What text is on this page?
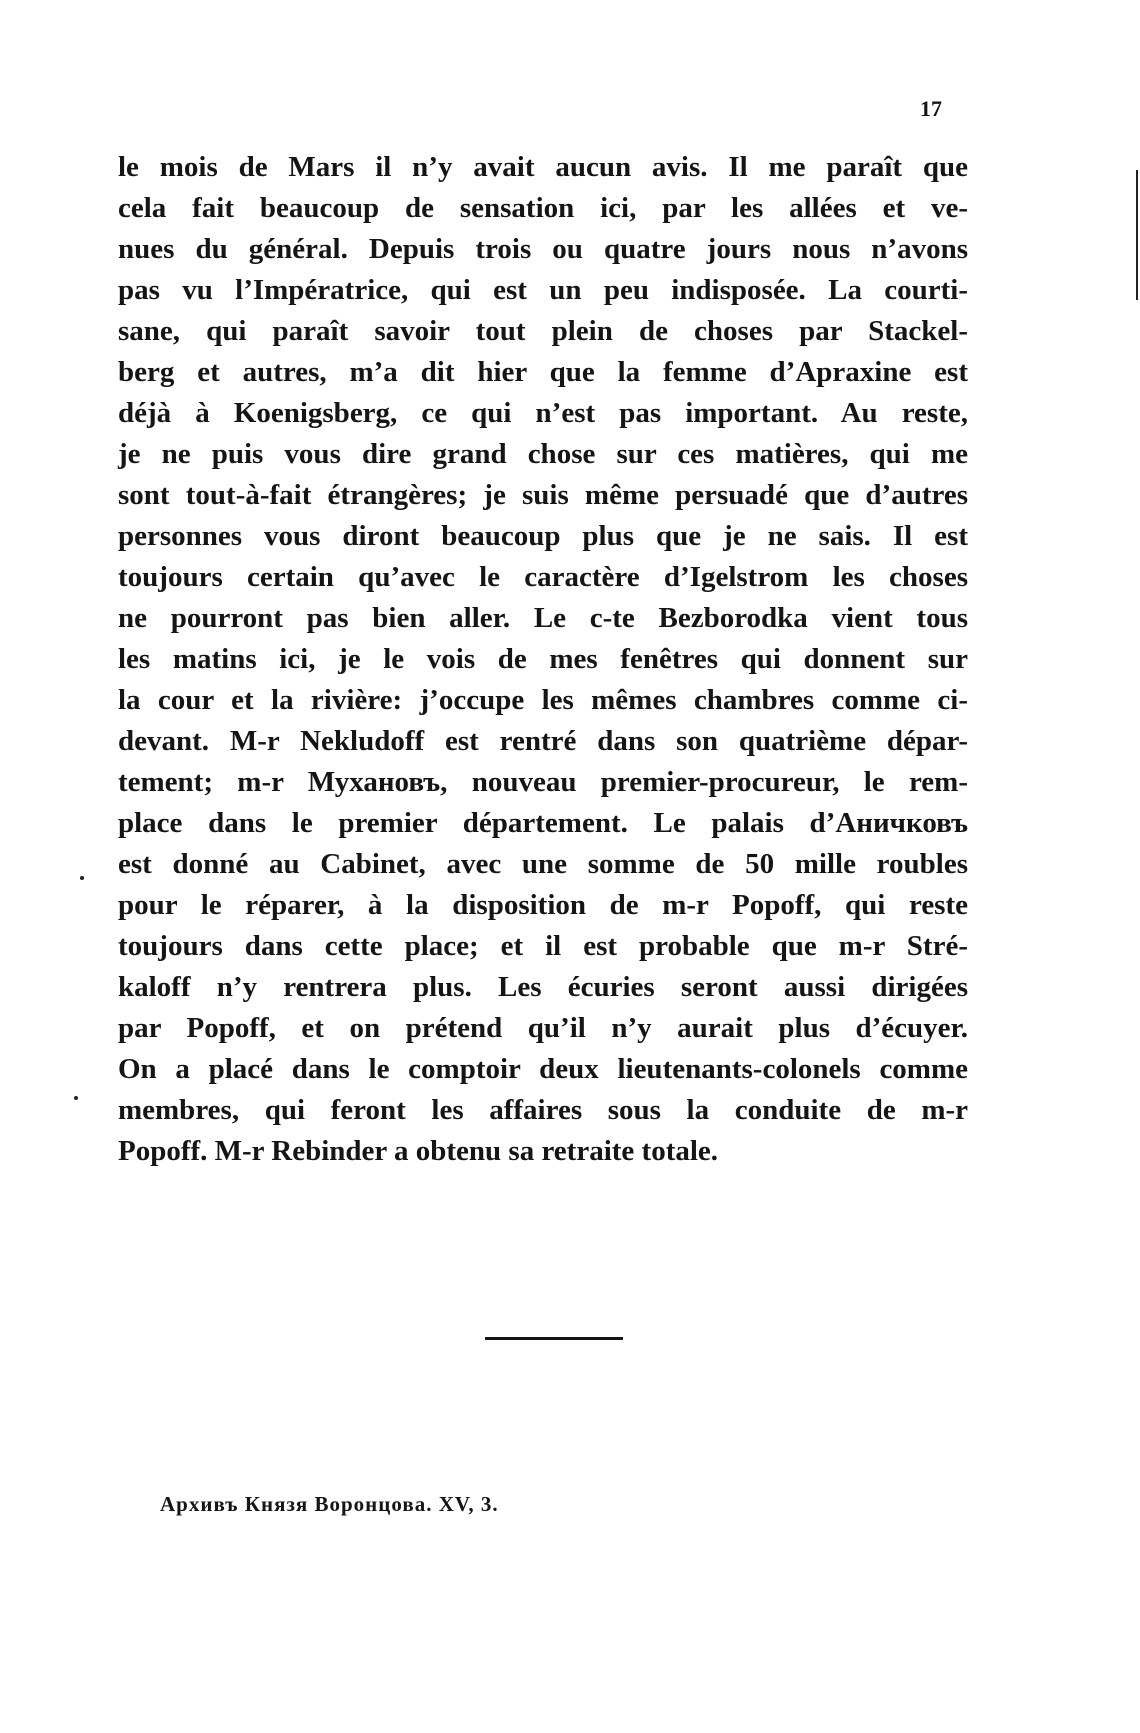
17
le mois de Mars il n’y avait aucun avis. Il me paraît que
cela fait beaucoup de sensation ici, par les allées et ve-
nues du général. Depuis trois ou quatre jours nous n’avons
pas vu l’Impératrice, qui est un peu indisposée. La courti-
sane, qui paraît savoir tout plein de choses par Stackel-
berg et autres, m’a dit hier que la femme d’Apraxine est
déjà à Koenigsberg, ce qui n’est pas important. Au reste,
je ne puis vous dire grand chose sur ces matières, qui me
sont tout-à-fait étrangères; je suis même persuadé que d’autres
personnes vous diront beaucoup plus que je ne sais. Il est
toujours certain qu’avec le caractère d’Igelstrom les choses
ne pourront pas bien aller. Le c-te Bezborodka vient tous
les matins ici, je le vois de mes fenêtres qui donnent sur
la cour et la rivière: j’occupe les mêmes chambres comme ci-
devant. M-r Nekludoff est rentré dans son quatrième dépar-
tement; m-r Мухановъ, nouveau premier-procureur, le rem-
place dans le premier département. Le palais d’Аничковъ
est donné au Cabinet, avec une somme de 50 mille roubles
pour le réparer, à la disposition de m-r Popoff, qui reste
toujours dans cette place; et il est probable que m-r Stré-
kaloff n’y rentrera plus. Les écuries seront aussi dirigées
par Popoff, et on prétend qu’il n’y aurait plus d’écuyer.
On a placé dans le comptoir deux lieutenants-colonels comme
membres, qui feront les affaires sous la conduite de m-r
Popoff. M-r Rebinder a obtenu sa retraite totale.
Архивъ Князя Воронцова. XV, 3.
